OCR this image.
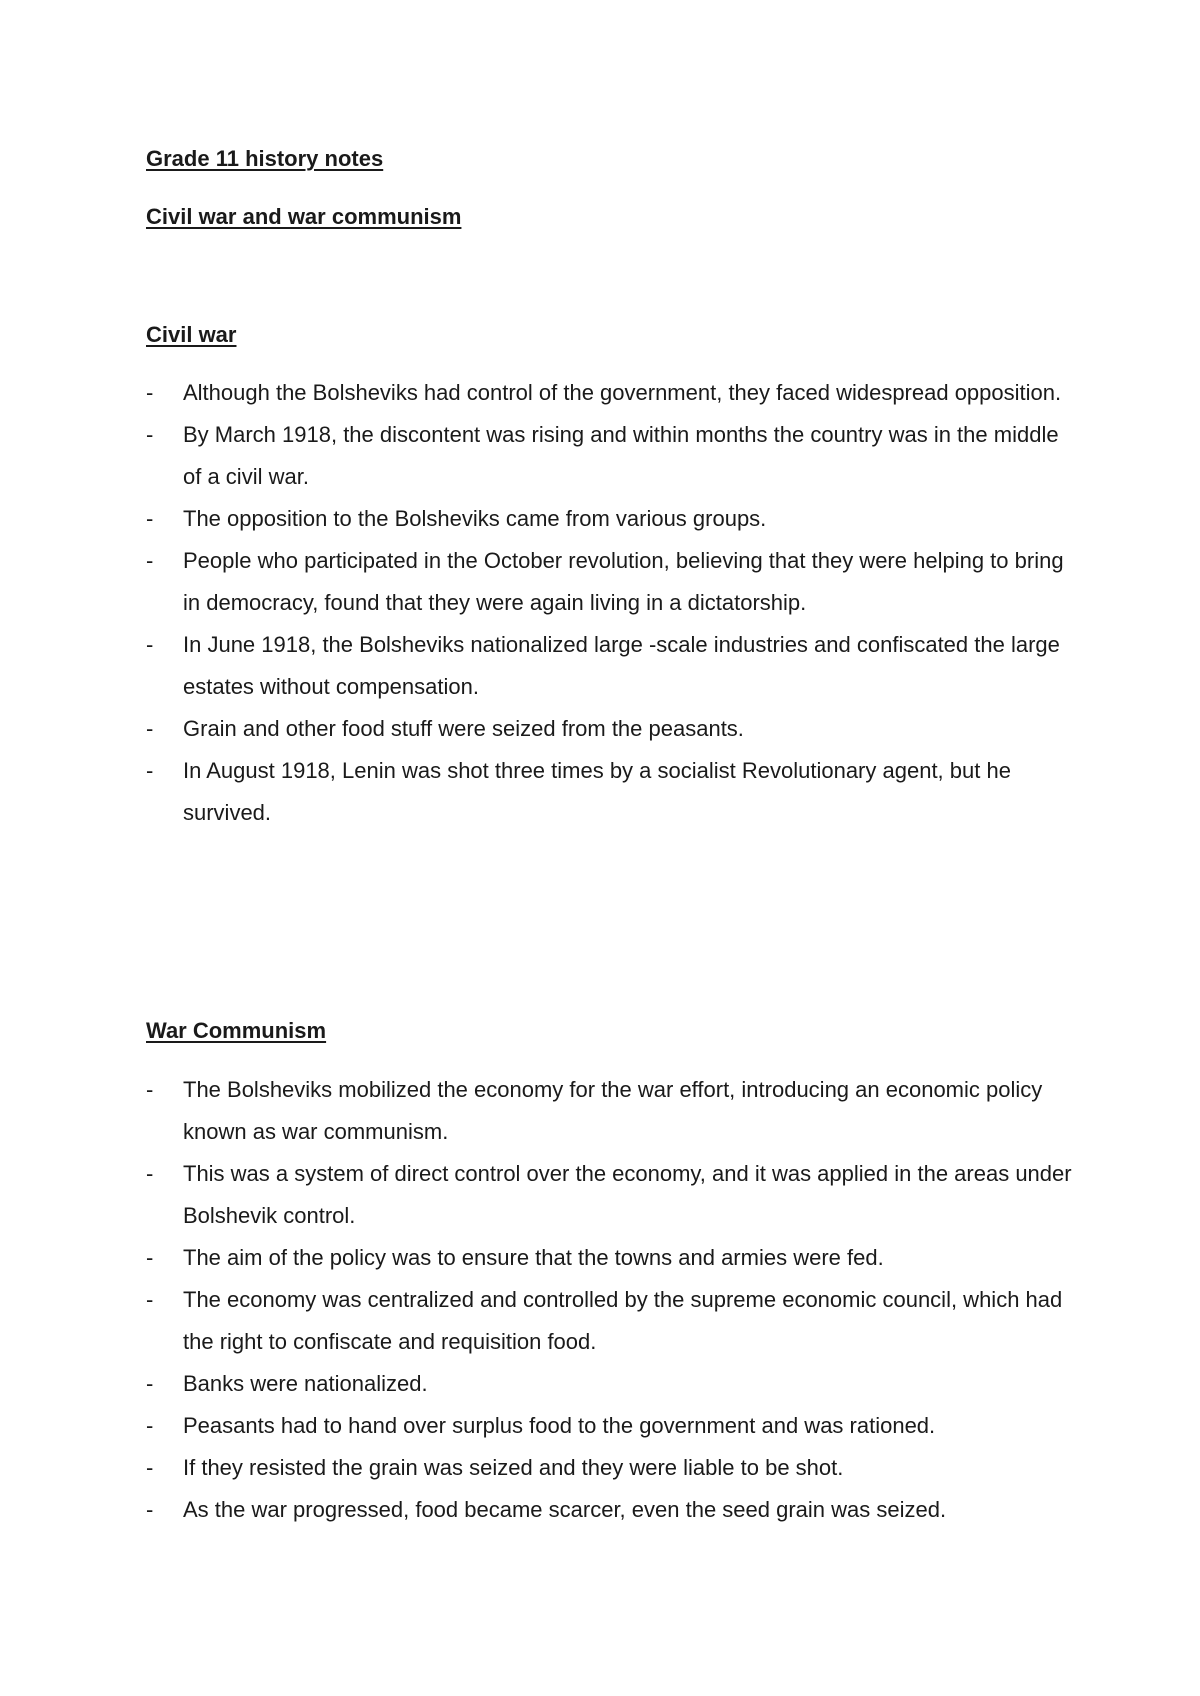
Grade 11 history notes
Civil war and war communism
Civil war
-	Although the Bolsheviks had control of the government, they faced widespread opposition.
-	By March 1918, the discontent was rising and within months the country was in the middle of a civil war.
-	The opposition to the Bolsheviks came from various groups.
-	People who participated in the October revolution, believing that they were helping to bring in democracy, found that they were again living in a dictatorship.
-	In June 1918, the Bolsheviks nationalized large -scale industries and confiscated the large estates without compensation.
-	Grain and other food stuff were seized from the peasants.
-	In August 1918, Lenin was shot three times by a socialist Revolutionary agent, but he survived.
War Communism
-	The Bolsheviks mobilized the economy for the war effort, introducing an economic policy known as war communism.
-	This was a system of direct control over the economy, and it was applied in the areas under Bolshevik control.
-	The aim of the policy was to ensure that the towns and armies were fed.
-	The economy was centralized and controlled by the supreme economic council, which had the right to confiscate and requisition food.
-	Banks were nationalized.
-	Peasants had to hand over surplus food to the government and was rationed.
-	If they resisted the grain was seized and they were liable to be shot.
-	As the war progressed, food became scarcer, even the seed grain was seized.
